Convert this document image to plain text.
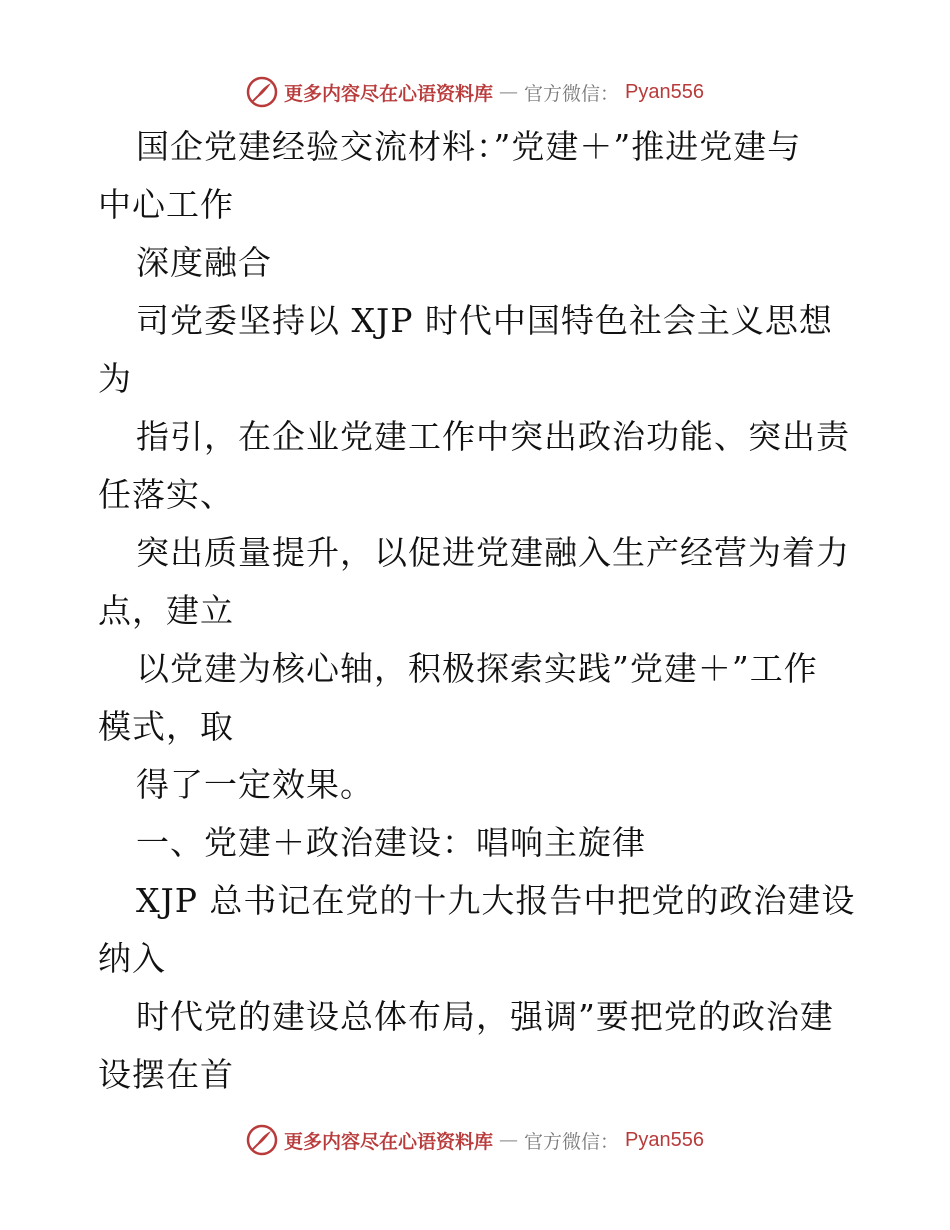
更多内容尽在心语资料库 — 官方微信： Pyan556
国企党建经验交流材料：”党建＋”推进党建与
中心工作
深度融合
司党委坚持以 XJP 时代中国特色社会主义思想
为
指引，在企业党建工作中突出政治功能、突出责
任落实、
突出质量提升，以促进党建融入生产经营为着力
点，建立
以党建为核心轴，积极探索实践”党建＋”工作
模式，取
得了一定效果。
一、党建＋政治建设：唱响主旋律
XJP 总书记在党的十九大报告中把党的政治建设
纳入
时代党的建设总体布局，强调”要把党的政治建
设摆在首
更多内容尽在心语资料库 — 官方微信： Pyan556
